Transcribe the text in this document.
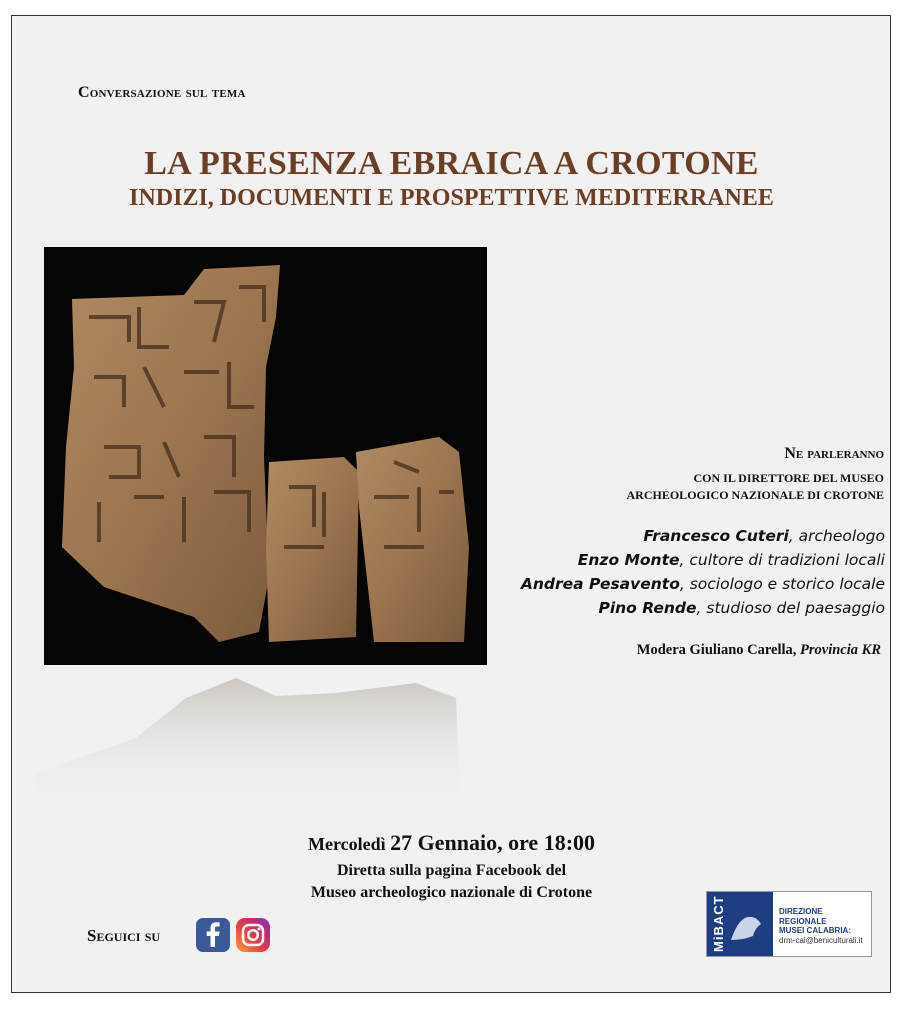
Conversazione sul tema
LA PRESENZA EBRAICA A CROTONE
INDIZI, DOCUMENTI E PROSPETTIVE MEDITERRANEE
Ne parleranno
CON IL DIRETTORE DEL MUSEO
ARCHEOLOGICO NAZIONALE DI CROTONE
Francesco Cuteri, archeologo
Enzo Monte, cultore di tradizioni locali
Andrea Pesavento, sociologo e storico locale
Pino Rende, studioso del paesaggio
Modera Giuliano Carella, Provincia KR
Mercoledì 27 Gennaio, ore 18:00
Diretta sulla pagina Facebook del
Museo archeologico nazionale di Crotone
Seguici su	MiBACT	DIREZIONE REGIONALE
MUSEI CALABRIA:
drm-cal@beniculturali.it
